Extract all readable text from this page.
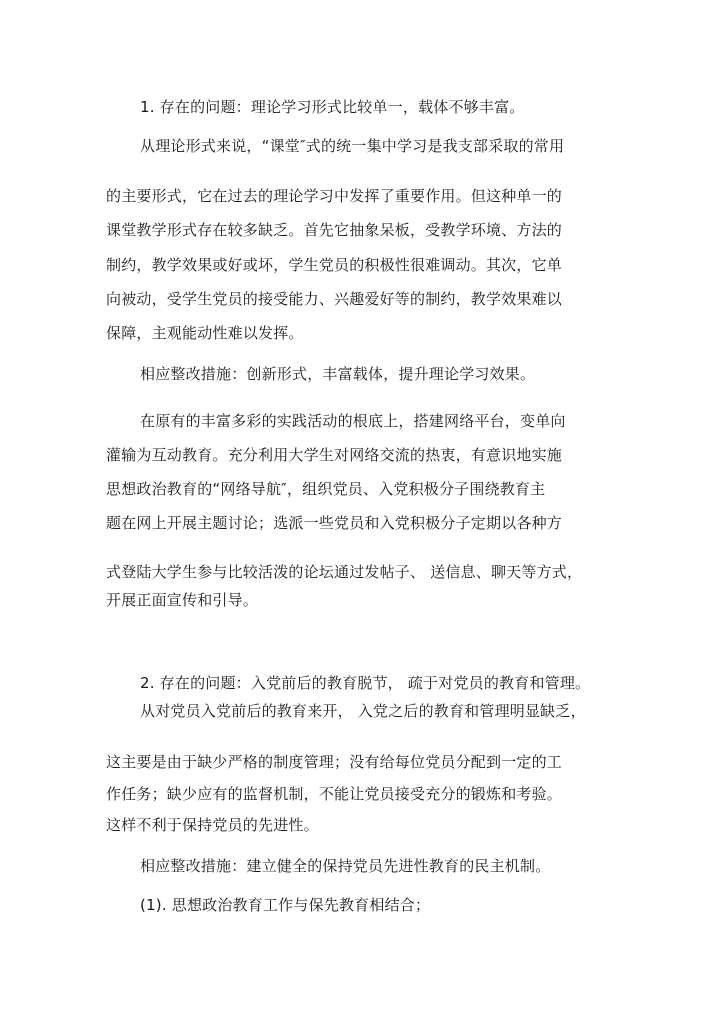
1. 存在的问题：理论学习形式比较单一，载体不够丰富。
从理论形式来说，“课堂″式的统一集中学习是我支部采取的常用
的主要形式，它在过去的理论学习中发挥了重要作用。但这种单一的
课堂教学形式存在较多缺乏。首先它抽象呆板，受教学环境、方法的
制约，教学效果或好或坏，学生党员的积极性很难调动。其次，它单
向被动，受学生党员的接受能力、兴趣爱好等的制约，教学效果难以
保障，主观能动性难以发挥。
相应整改措施：创新形式，丰富载体，提升理论学习效果。
在原有的丰富多彩的实践活动的根底上，搭建网络平台，变单向
灌输为互动教育。充分利用大学生对网络交流的热衷，有意识地实施
思想政治教育的“网络导航″，组织党员、入党积极分子围绕教育主
题在网上开展主题讨论；选派一些党员和入党积极分子定期以各种方
式登陆大学生参与比较活泼的论坛通过发帖子、 送信息、聊天等方式，
开展正面宣传和引导。
2. 存在的问题：入党前后的教育脱节， 疏于对党员的教育和管理。
从对党员入党前后的教育来开， 入党之后的教育和管理明显缺乏，
这主要是由于缺少严格的制度管理；没有给每位党员分配到一定的工
作任务；缺少应有的监督机制，不能让党员接受充分的锻炼和考验。
这样不利于保持党员的先进性。
相应整改措施：建立健全的保持党员先进性教育的民主机制。
(1). 思想政治教育工作与保先教育相结合；
